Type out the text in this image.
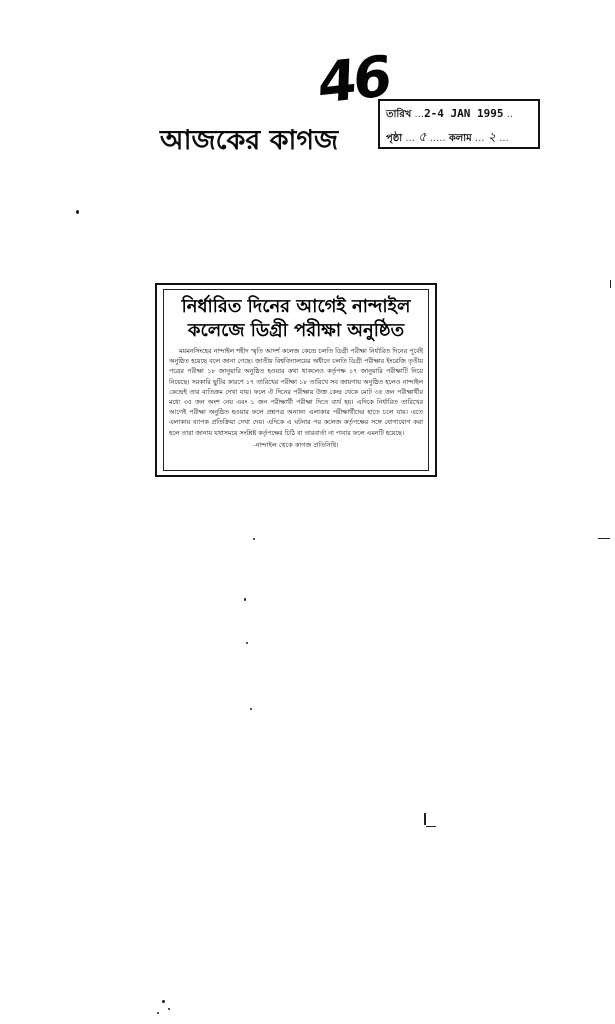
46
আজকের কাগজ
তারিখ ...2-4 JAN 1995 ..
পৃষ্ঠা ... ৫ ..... কলাম ... ২ ...
নির্ধারিত দিনের আগেই নান্দাইল
কলেজে ডিগ্রী পরীক্ষা অনুষ্ঠিত

ময়মনসিংহের নান্দাইল শহীদ স্মৃতি আদর্শ কলেজ কেন্দ্রে চলতি ডিগ্রী পরীক্ষা নির্ধারিত দিনের পূর্বেই অনুষ্ঠিত হয়েছে বলে জানা গেছে। জাতীয় বিশ্ববিদ্যালয়ের অধীনে চলতি ডিগ্রী পরীক্ষার ইংরেজি তৃতীয় পত্রের পরীক্ষা ১৮ জানুয়ারি অনুষ্ঠিত হওয়ার কথা থাকলেও কর্তৃপক্ষ ১৭ জানুয়ারি পরীক্ষাটি নিয়ে নিয়েছে। সরকারি ছুটির কারণে ১৭ তারিখের পরীক্ষা ১৮ তারিখে সব জায়গায় অনুষ্ঠিত হলেও নান্দাইল কেন্দ্রেই তার ব্যতিক্রম দেখা যায়। ফলে ঐ দিনের পরীক্ষায় উক্ত কেন্দ্র থেকে মোট ৩৫ জন পরীক্ষার্থীর মধ্যে ৩৫ জন অংশ নেয় এবং ১ জন পরীক্ষার্থী পরীক্ষা দিতে ব্যর্থ হয়। এদিকে নির্ধারিত তারিখের আগেই পরীক্ষা অনুষ্ঠিত হওয়ার ফলে প্রশ্নপত্র অন্যান্য এলাকার পরীক্ষার্থীদের হাতে চলে যায়। এতে এলাকায় ব্যাপক প্রতিক্রিয়া দেখা দেয়। এদিকে এ ঘটনার পর কলেজ কর্তৃপক্ষের সঙ্গে যোগাযোগ করা হলে তারা জানায় যথাসময়ে সংশ্লিষ্ট কর্তৃপক্ষের চিঠি বা তারবার্তা না পাবার ফলে এমনটি হয়েছে।

-নান্দাইল থেকে কাগজ প্রতিনিধি।
